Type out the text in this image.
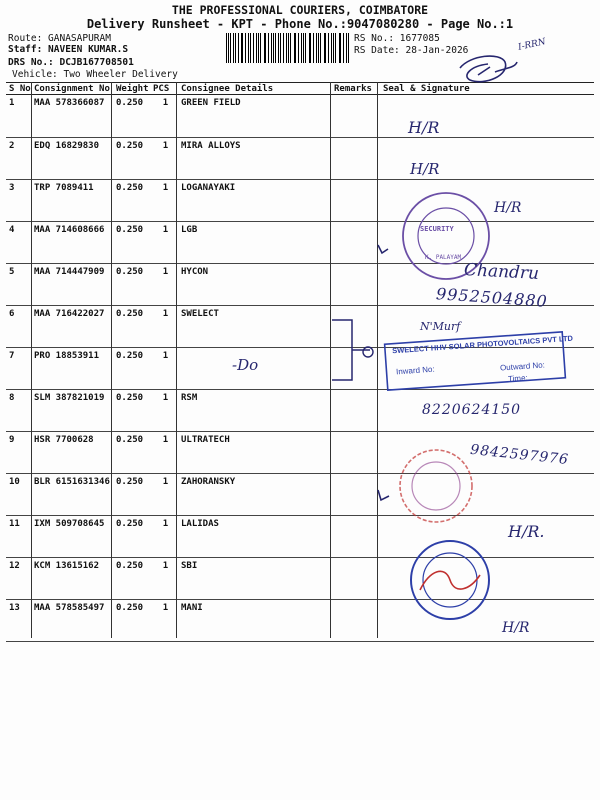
THE PROFESSIONAL COURIERS, COIMBATORE
Delivery Runsheet - KPT - Phone No.:9047080280 - Page No.:1
Route: GANASAPURAM
Staff: NAVEEN KUMAR.S
DRS No.: DCJB167708501
Vehicle: Two Wheeler Delivery
RS No.: 1677085
RS Date: 28-Jan-2026
S No	Consignment No	Weight	PCS	Consignee Details	Remarks	Seal & Signature
1	MAA 578366087	0.250	1	GREEN FIELD		
2	EDQ 16829830	0.250	1	MIRA ALLOYS		
3	TRP 7089411	0.250	1	LOGANAYAKI		
4	MAA 714608666	0.250	1	LGB		
5	MAA 714447909	0.250	1	HYCON		
6	MAA 716422027	0.250	1	SWELECT		
7	PRO 18853911	0.250	1			
8	SLM 387821019	0.250	1	RSM		
9	HSR 7700628	0.250	1	ULTRATECH		
10	BLR 6151631346	0.250	1	ZAHORANSKY		
11	IXM 509708645	0.250	1	LALIDAS		
12	KCM 13615162	0.250	1	SBI		
13	MAA 578585497	0.250	1	MANI		
I-RRN
H/R
H/R
H/R
SECURITY
K. PALAYAM
Chandru
9952504880
N'Murf
SWELECT HHV SOLAR PHOTOVOLTAICS PVT LTD
Inward No:	Outward No:
Time:
-Do
8220624150
9842597976
H/R.
H/R
